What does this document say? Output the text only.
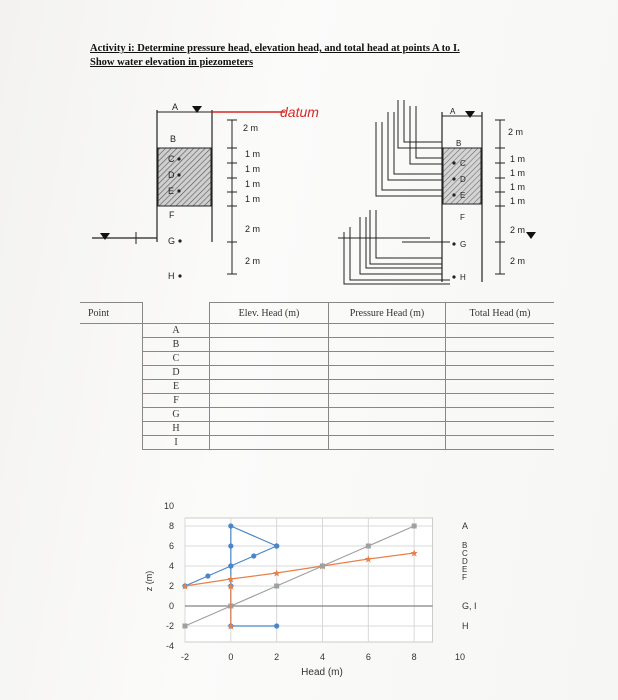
Activity i: Determine pressure head, elevation head, and total head at points A to I.
Show water elevation in piezometers
2 m
1 m
1 m
1 m
1 m
2 m
2 m
datum
A
B
C
D
E
F
G
H
2 m
1 m
1 m
1 m
1 m
2 m
2 m
A
B
C
D
E
F
G
H
Point		Elev. Head (m)	Pressure Head (m)	Total Head (m)
	A			
	B			
	C			
	D			
	E			
	F			
	G			
	H			
	I			
z (m)
Head (m)
-2	0	2	4	6	8	10
-4
-2
0
2
4
6
8
10
A
B
C
D
E
F
G, I
H
